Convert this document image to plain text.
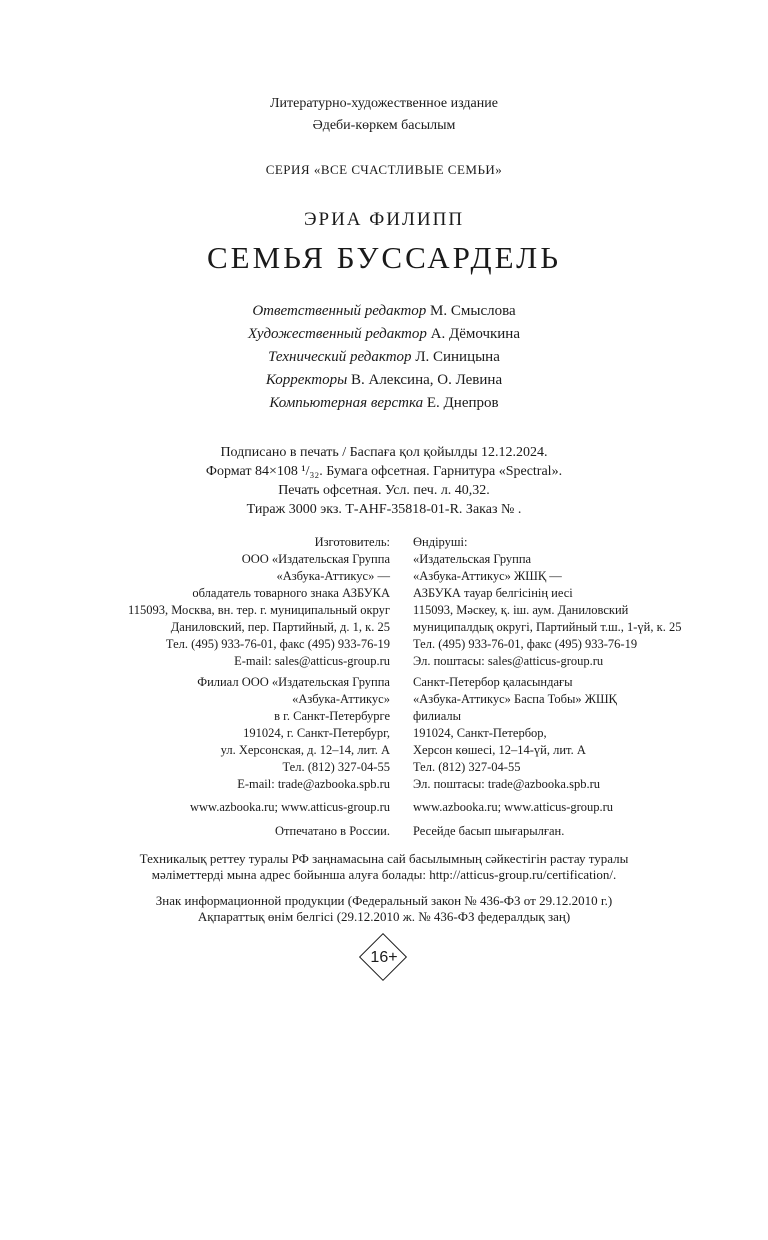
Литературно-художественное издание
Әдеби-көркем басылым
СЕРИЯ «ВСЕ СЧАСТЛИВЫЕ СЕМЬИ»
ЭРИА ФИЛИПП
СЕМЬЯ БУССАРДЕЛЬ
Ответственный редактор М. Смыслова
Художественный редактор А. Дёмочкина
Технический редактор Л. Синицына
Корректоры В. Алексина, О. Левина
Компьютерная верстка Е. Днепров
Подписано в печать / Баспаға қол қойылды 12.12.2024.
Формат 84×108 ¹/₃₂. Бумага офсетная. Гарнитура «Spectral».
Печать офсетная. Усл. печ. л. 40,32.
Тираж 3000 экз. Т-АНF-35818-01-R. Заказ № .
Изготовитель:
ООО «Издательская Группа
«Азбука-Аттикус» —
обладатель товарного знака АЗБУКА
115093, Москва, вн. тер. г. муниципальный округ
Даниловский, пер. Партийный, д. 1, к. 25
Тел. (495) 933-76-01, факс (495) 933-76-19
E-mail: sales@atticus-group.ru
Өндіруші:
«Издательская Группа
«Азбука-Аттикус» ЖШҚ —
АЗБУКА тауар белгісінің иесі
115093, Мәскеу, қ. іш. аум. Даниловский
муниципалдық округі, Партийный т.ш., 1-үй, к. 25
Тел. (495) 933-76-01, факс (495) 933-76-19
Эл. поштасы: sales@atticus-group.ru
Филиал ООО «Издательская Группа
«Азбука-Аттикус»
в г. Санкт-Петербурге
191024, г. Санкт-Петербург,
ул. Херсонская, д. 12–14, лит. А
Тел. (812) 327-04-55
E-mail: trade@azbooka.spb.ru
Санкт-Петербор қаласындағы
«Азбука-Аттикус» Баспа Тобы» ЖШҚ
филиалы
191024, Санкт-Петербор,
Херсон көшесі, 12–14-үй, лит. А
Тел. (812) 327-04-55
Эл. поштасы: trade@azbooka.spb.ru
www.azbooka.ru; www.atticus-group.ru www.azbooka.ru; www.atticus-group.ru
Отпечатано в России. Ресейде басып шығарылған.
Техникалық реттеу туралы РФ заңнамасына сай басылымның сәйкестігін растау туралы
мәліметтерді мына адрес бойынша алуға болады: http://atticus-group.ru/certification/.
Знак информационной продукции (Федеральный закон № 436-ФЗ от 29.12.2010 г.)
Ақпараттық өнім белгісі (29.12.2010 ж. № 436-ФЗ федералдық заң)
16+
